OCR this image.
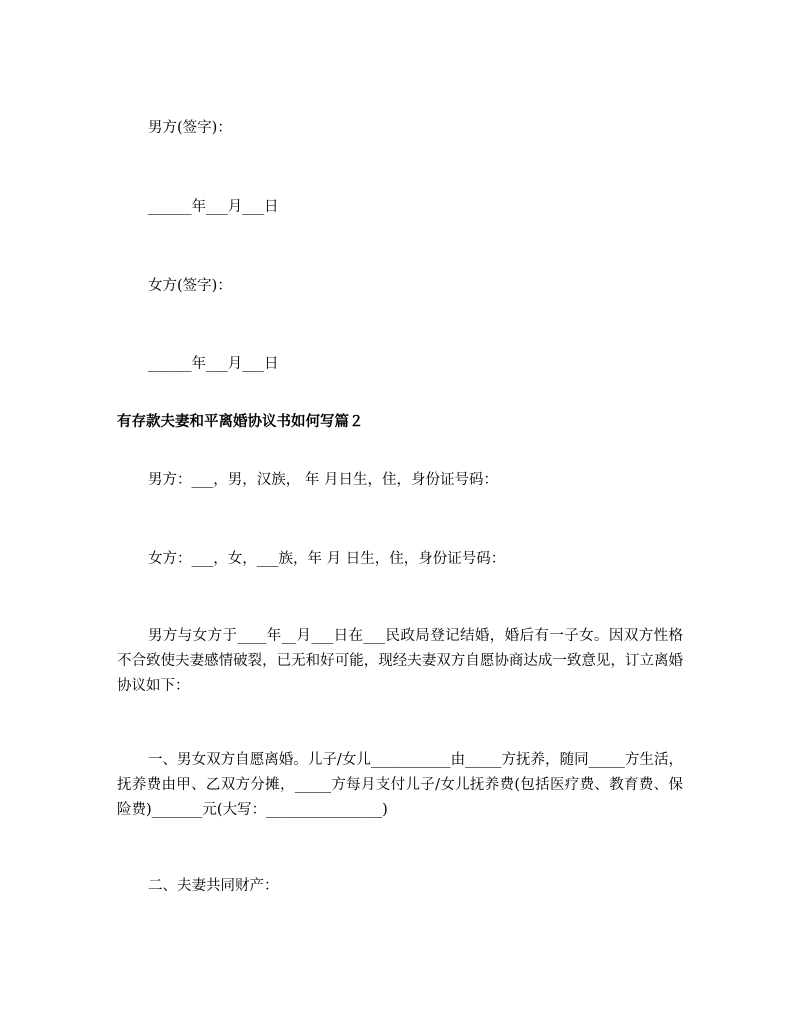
男方(签字)：
______年___月___日
女方(签字)：
______年___月___日
有存款夫妻和平离婚协议书如何写篇２
男方：___，男，汉族， 年 月日生，住，身份证号码：
女方：___，女，___族，年 月 日生，住，身份证号码：
男方与女方于____年__月___日在___民政局登记结婚，婚后有一子女。因双方性格不合致使夫妻感情破裂，已无和好可能，现经夫妻双方自愿协商达成一致意见，订立离婚协议如下：
一、男女双方自愿离婚。儿子/女儿___________由_____方抚养，随同_____方生活，抚养费由甲、乙双方分摊，_____方每月支付儿子/女儿抚养费(包括医疗费、教育费、保险费)_______元(大写：________________)
二、夫妻共同财产：
